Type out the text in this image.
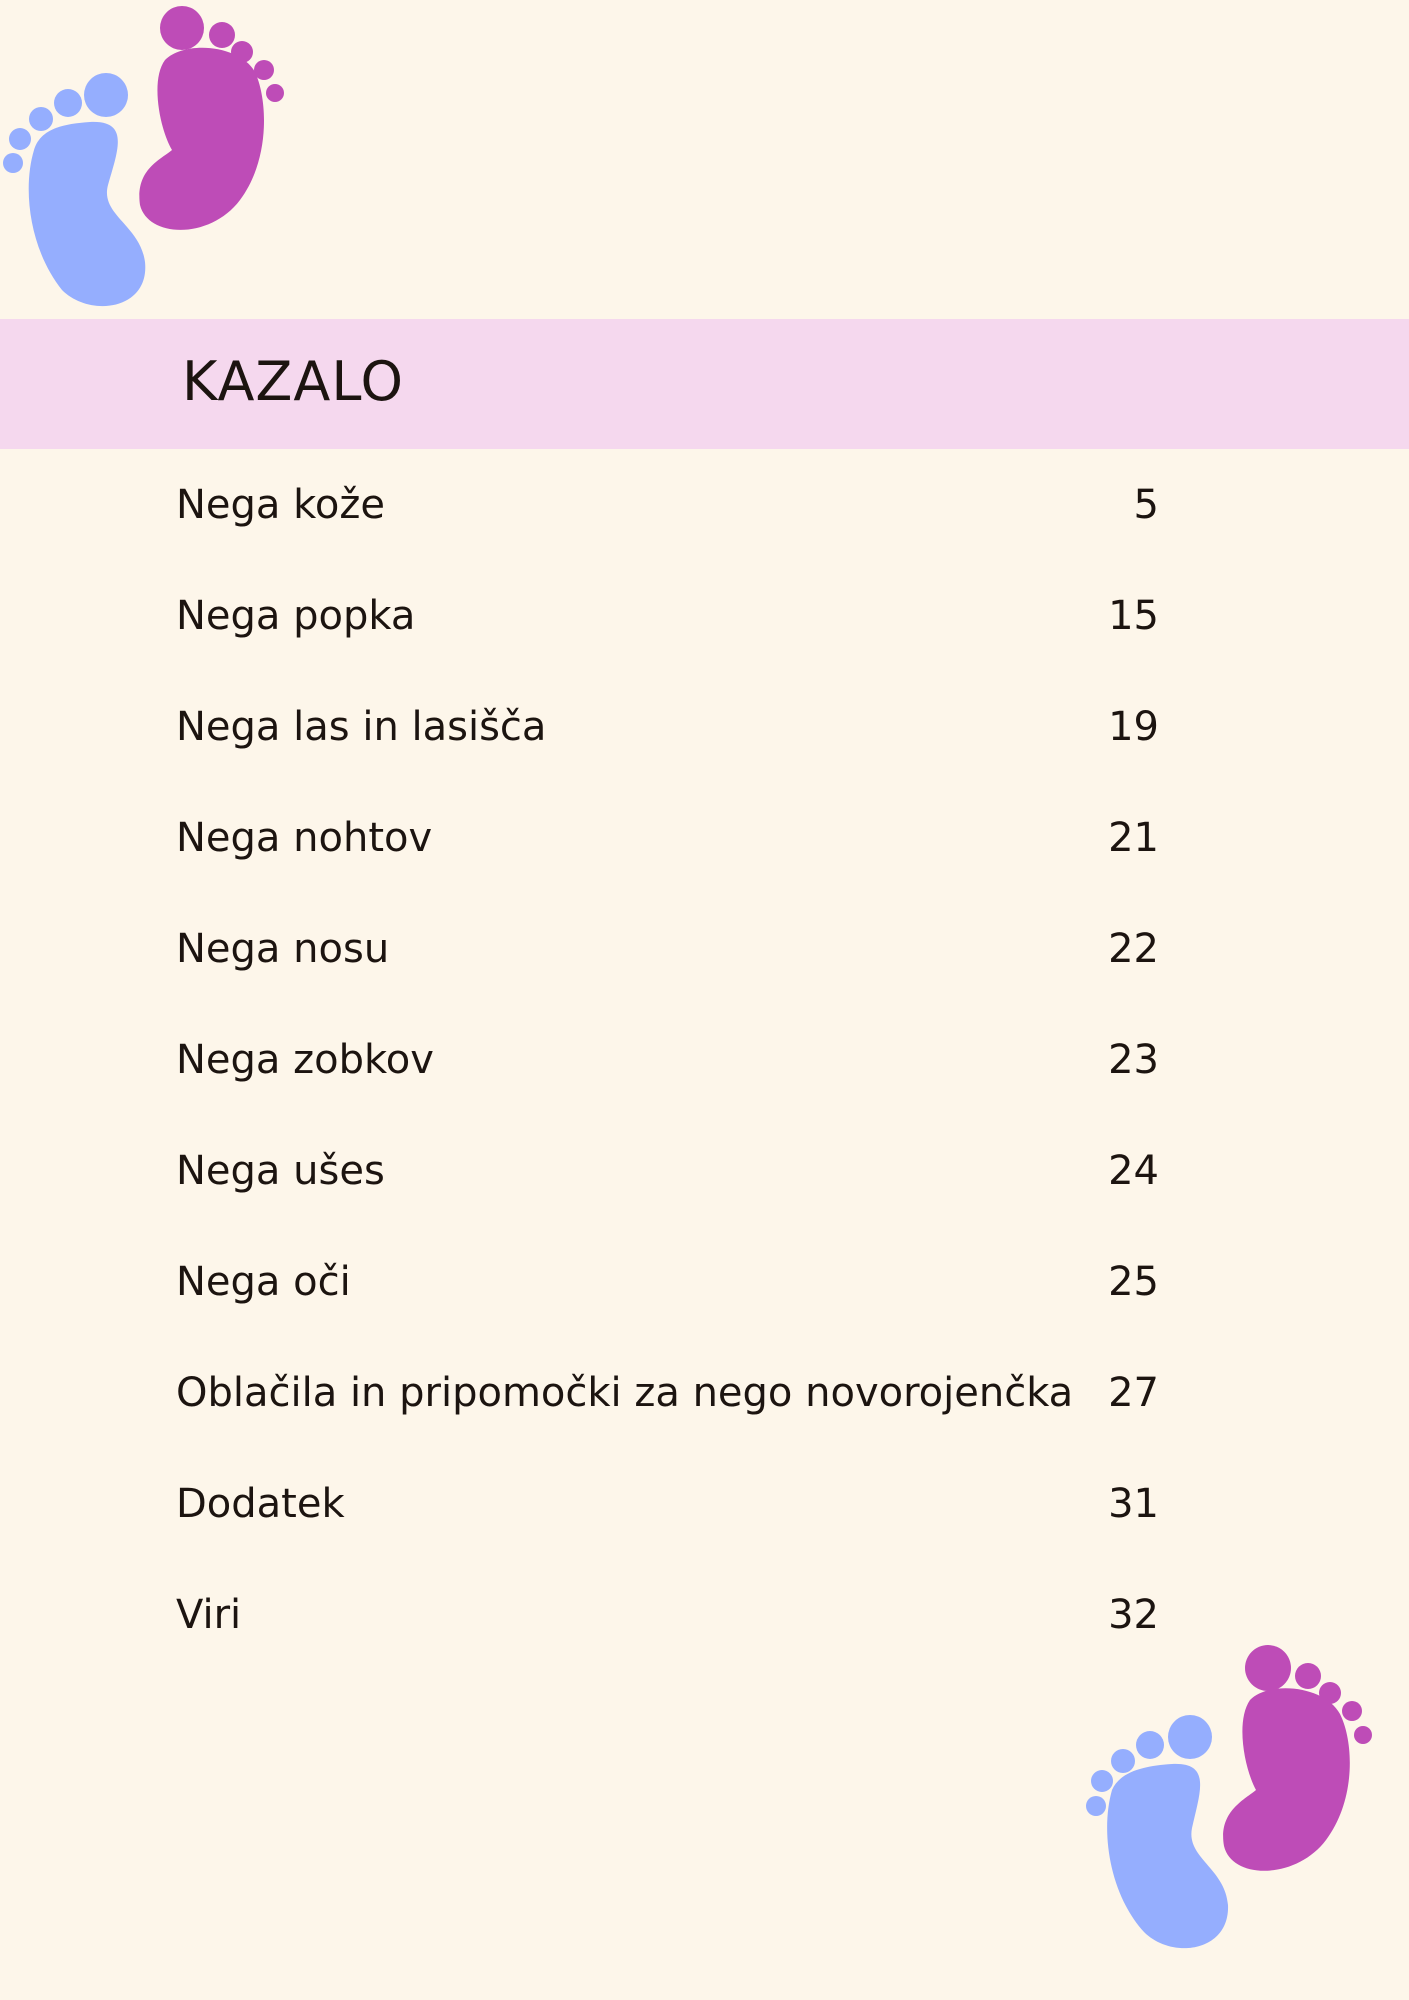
KAZALO
Nega kože	5
Nega popka	15
Nega las in lasišča	19
Nega nohtov	21
Nega nosu	22
Nega zobkov	23
Nega ušes	24
Nega oči	25
Oblačila in pripomočki za nego novorojenčka 27
Dodatek	31
Viri	32
